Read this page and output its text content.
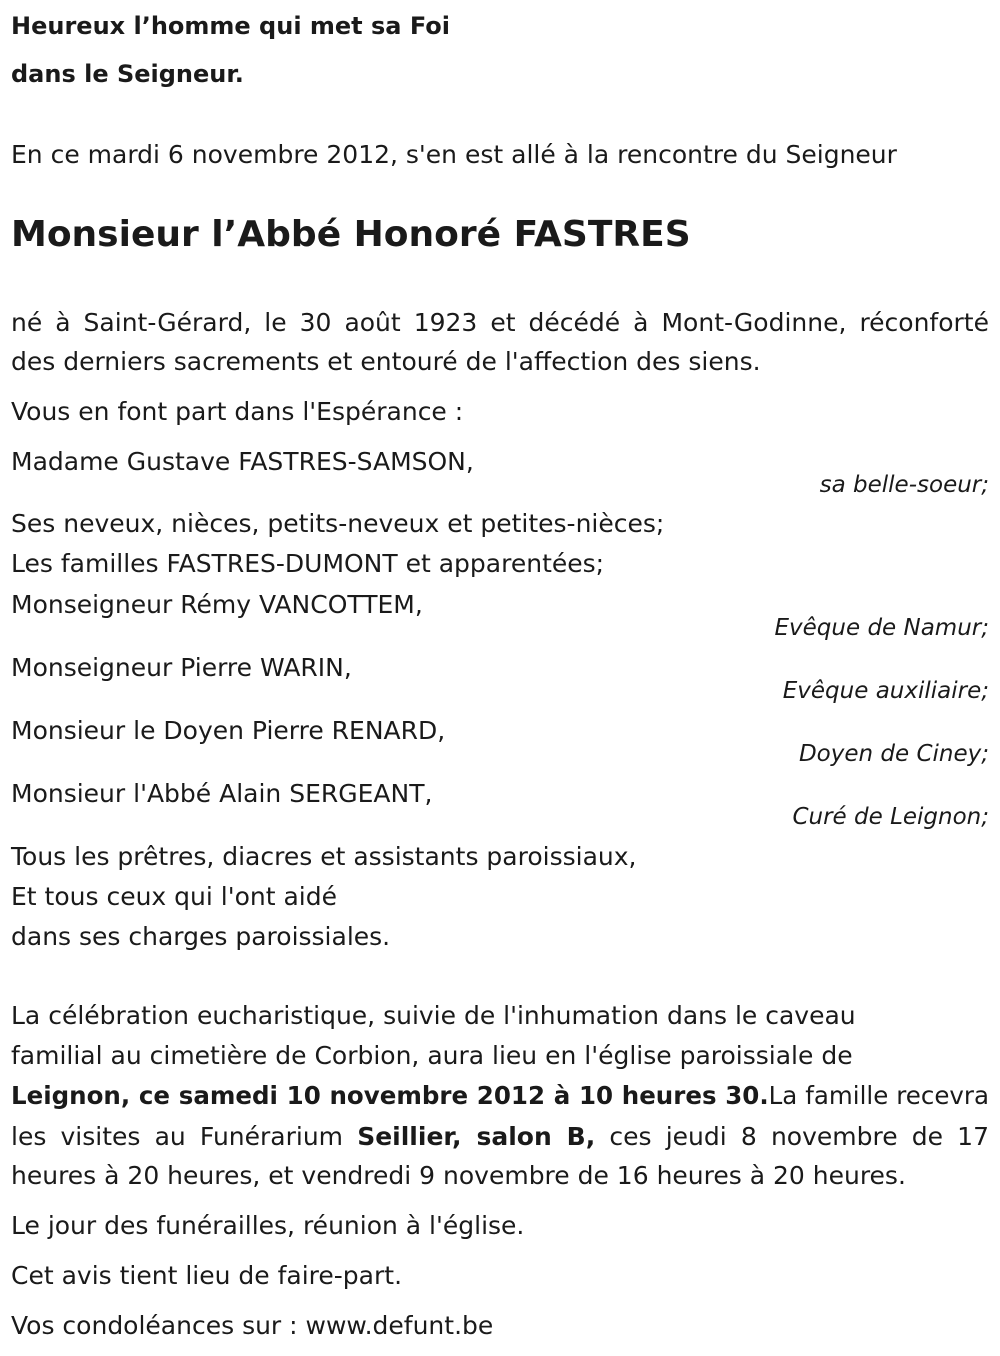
Heureux l’homme qui met sa Foi
dans le Seigneur.
En ce mardi 6 novembre 2012, s'en est allé à la rencontre du Seigneur
Monsieur l’Abbé Honoré FASTRES
né à Saint-Gérard, le 30 août 1923 et décédé à Mont-Godinne, réconforté
des derniers sacrements et entouré de l'affection des siens.
Vous en font part dans l'Espérance :
Madame Gustave FASTRES-SAMSON,
sa belle-soeur;
Ses neveux, nièces, petits-neveux et petites-nièces;
Les familles FASTRES-DUMONT et apparentées;
Monseigneur Rémy VANCOTTEM,
Evêque de Namur;
Monseigneur Pierre WARIN,
Evêque auxiliaire;
Monsieur le Doyen Pierre RENARD,
Doyen de Ciney;
Monsieur l'Abbé Alain SERGEANT,
Curé de Leignon;
Tous les prêtres, diacres et assistants paroissiaux,
Et tous ceux qui l'ont aidé
dans ses charges paroissiales.
La célébration eucharistique, suivie de l'inhumation dans le caveau
familial au cimetière de Corbion, aura lieu en l'église paroissiale de
Leignon, ce samedi 10 novembre 2012 à 10 heures 30.La famille recevra
les visites au Funérarium Seillier, salon B, ces jeudi 8 novembre de 17
heures à 20 heures, et vendredi 9 novembre de 16 heures à 20 heures.
Le jour des funérailles, réunion à l'église.
Cet avis tient lieu de faire-part.
Vos condoléances sur : www.defunt.be
